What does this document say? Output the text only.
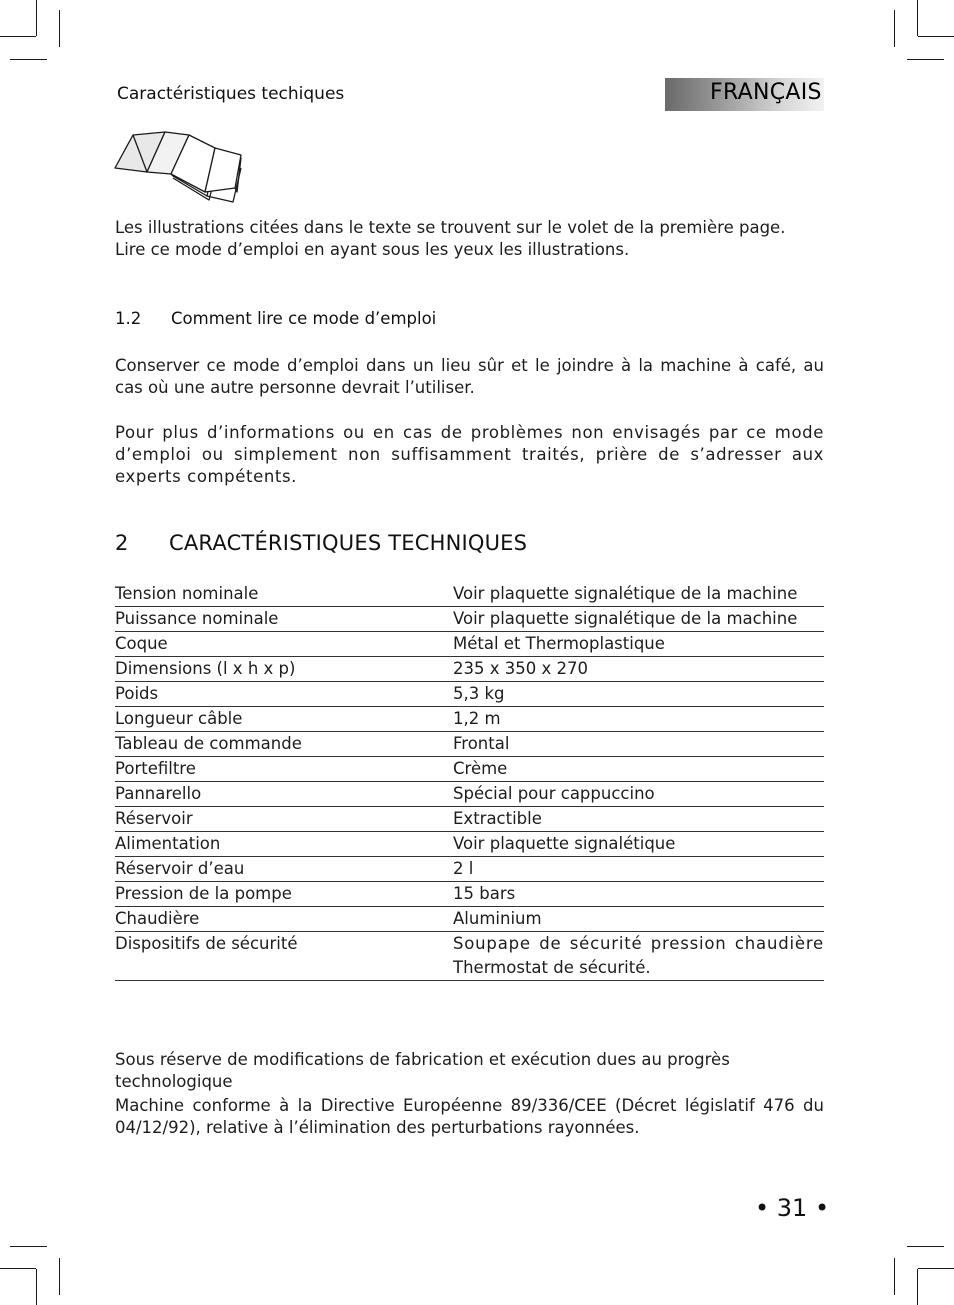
Caractéristiques techiques	FRANÇAIS
Les illustrations citées dans le texte se trouvent sur le volet de la première page.
Lire ce mode d’emploi en ayant sous les yeux les illustrations.
1.2 Comment lire ce mode d’emploi
Conserver ce mode d’emploi dans un lieu sûr et le joindre à la machine à café, au cas où une autre personne devrait l’utiliser.
Pour plus d’informations ou en cas de problèmes non envisagés par ce mode d’emploi ou simplement non suffisamment traités, prière de s’adresser aux experts compétents.
2 CARACTÉRISTIQUES TECHNIQUES
Tension nominale	Voir plaquette signalétique de la machine
Puissance nominale	Voir plaquette signalétique de la machine
Coque	Métal et Thermoplastique
Dimensions (l x h x p)	235 x 350 x 270
Poids	5,3 kg
Longueur câble	1,2 m
Tableau de commande	Frontal
Portefiltre	Crème
Pannarello	Spécial pour cappuccino
Réservoir	Extractible
Alimentation	Voir plaquette signalétique
Réservoir d’eau	2 l
Pression de la pompe	15 bars
Chaudière	Aluminium
Dispositifs de sécurité	Soupape de sécurité pression chaudière
Thermostat de sécurité.
Sous réserve de modifications de fabrication et exécution dues au progrès technologique
Machine conforme à la Directive Européenne 89/336/CEE (Décret législatif 476 du 04/12/92), relative à l’élimination des perturbations rayonnées.
• 31 •
